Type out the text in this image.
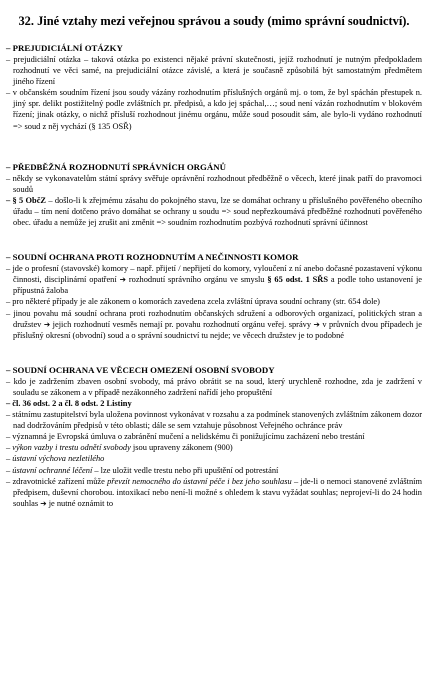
32. Jiné vztahy mezi veřejnou správou a soudy (mimo správní soudnictví).

– PREJUDICIÁLNÍ OTÁZKY

– prejudiciální otázka – taková otázka po existenci nějaké právní skutečnosti, jejíž rozhodnutí je nutným předpokladem rozhodnutí ve věci samé, na prejudiciální otázce závislé, a která je současně způsobilá být samostatným předmětem jiného řízení

– v občanském soudním řízení jsou soudy vázány rozhodnutím příslušných orgánů mj. o tom, že byl spáchán přestupek n. jiný spr. delikt postižitelný podle zvláštních pr. předpisů, a kdo jej spáchal,…; soud není vázán rozhodnutím v blokovém řízení; jinak otázky, o nichž přísluší rozhodnout jinému orgánu, může soud posoudit sám, ale bylo-li vydáno rozhodnutí => soud z něj vychází (§ 135 OSŘ)

– PŘEDBĚŽNÁ ROZHODNUTÍ SPRÁVNÍCH ORGÁNŮ

– někdy se vykonavatelům státní správy svěřuje oprávnění rozhodnout předběžně o věcech, které jinak patří do pravomoci soudů

– § 5 ObčZ – došlo-li k zřejmému zásahu do pokojného stavu, lze se domáhat ochrany u příslušného pověřeného obecního úřadu – tím není dotčeno právo domáhat se ochrany u soudu => soud nepřezkoumává předběžné rozhodnutí pověřeného obec. úřadu a nemůže jej zrušit ani změnit => soudním rozhodnutím pozbývá rozhodnutí správní účinnost

– SOUDNÍ OCHRANA PROTI ROZHODNUTÍM A NEČINNOSTI KOMOR

– jde o profesní (stavovské) komory – např. přijetí / nepřijetí do komory, vyloučení z ní anebo dočasné pozastavení výkonu činnosti, disciplinární opatření ➔ rozhodnutí správního orgánu ve smyslu § 65 odst. 1 SŘS a podle toho ustanovení je přípustná žaloba

– pro některé případy je ale zákonem o komorách zavedena zcela zvláštní úprava soudní ochrany (str. 654 dole)

– jinou povahu má soudní ochrana proti rozhodnutím občanských sdružení a odborových organizací, politických stran a družstev ➔ jejich rozhodnutí vesměs nemají pr. povahu rozhodnutí orgánu veřej. správy ➔ v průvních dvou případech je příslušný okresní (obvodní) soud a o správní soudnictví tu nejde; ve věcech družstev je to podobné

– SOUDNÍ OCHRANA VE VĚCECH OMEZENÍ OSOBNÍ SVOBODY

– kdo je zadržením zbaven osobní svobody, má právo obrátit se na soud, který urychleně rozhodne, zda je zadržení v souladu se zákonem a v případě nezákonného zadržení nařídí jeho propuštění

– čl. 36 odst. 2 a čl. 8 odst. 2 Listiny

– státnímu zastupitelství byla uložena povinnost vykonávat v rozsahu a za podmínek stanovených zvláštním zákonem dozor nad dodržováním předpisů v této oblasti; dále se sem vztahuje působnost Veřejného ochránce práv

– významná je Evropská úmluva o zabránění mučení a nelidskému či ponižujícímu zacházení nebo trestání

– výkon vazby i trestu odnětí svobody jsou upraveny zákonem (900)

– ústavní výchova nezletilého

– ústavní ochranné léčení – lze uložit vedle trestu nebo při upuštění od potrestání

– zdravotnické zařízení může převzít nemocného do ústavní péče i bez jeho souhlasu – jde-li o nemoci stanovené zvláštním předpisem, duševní chorobou. intoxikací nebo není-li možné s ohledem k stavu vyžádat souhlas; neprojeví-li do 24 hodin souhlas ➔ je nutné oznámit to
